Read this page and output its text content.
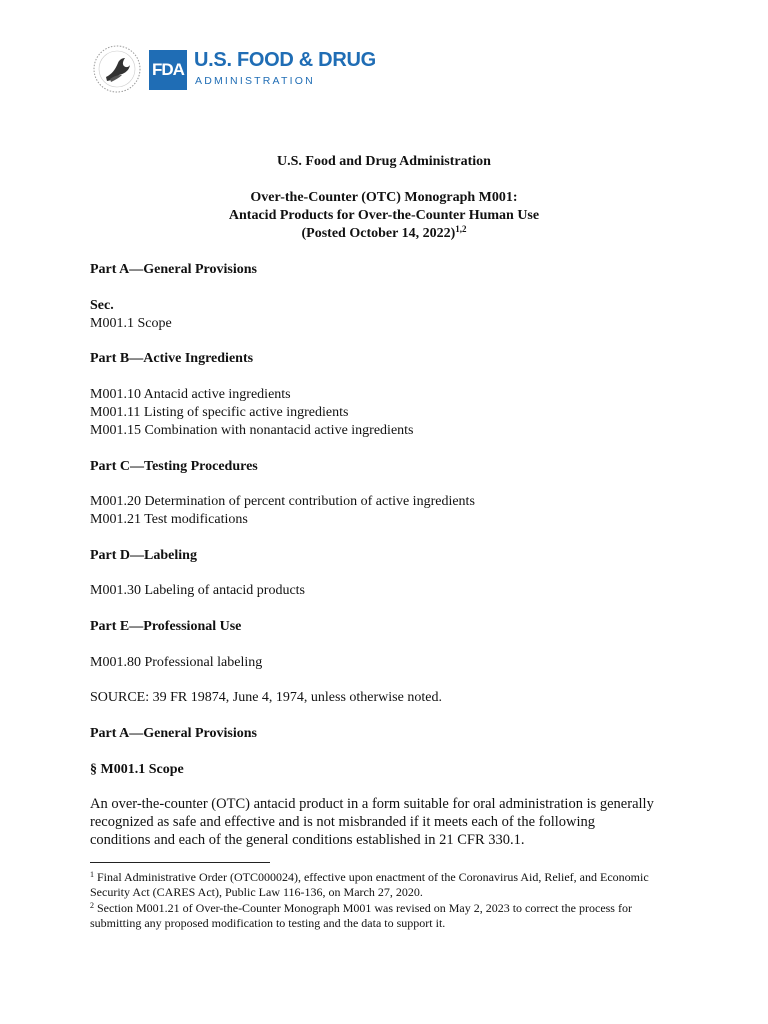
FDA U.S. FOOD & DRUG
ADMINISTRATION
U.S. Food and Drug Administration
Over-the-Counter (OTC) Monograph M001:
Antacid Products for Over-the-Counter Human Use
(Posted October 14, 2022)$^{1,2}$
Part A—General Provisions
Sec.
M001.1 Scope
Part B—Active Ingredients
M001.10 Antacid active ingredients
M001.11 Listing of specific active ingredients
M001.15 Combination with nonantacid active ingredients
Part C—Testing Procedures
M001.20 Determination of percent contribution of active ingredients
M001.21 Test modifications
Part D—Labeling
M001.30 Labeling of antacid products
Part E—Professional Use
M001.80 Professional labeling
SOURCE: 39 FR 19874, June 4, 1974, unless otherwise noted.
Part A—General Provisions
§ M001.1 Scope
An over-the-counter (OTC) antacid product in a form suitable for oral administration is generally
recognized as safe and effective and is not misbranded if it meets each of the following
conditions and each of the general conditions established in 21 CFR 330.1.
$^1$ Final Administrative Order (OTC000024), effective upon enactment of the Coronavirus Aid, Relief, and Economic
Security Act (CARES Act), Public Law 116-136, on March 27, 2020.
$^2$ Section M001.21 of Over-the-Counter Monograph M001 was revised on May 2, 2023 to correct the process for
submitting any proposed modification to testing and the data to support it.
